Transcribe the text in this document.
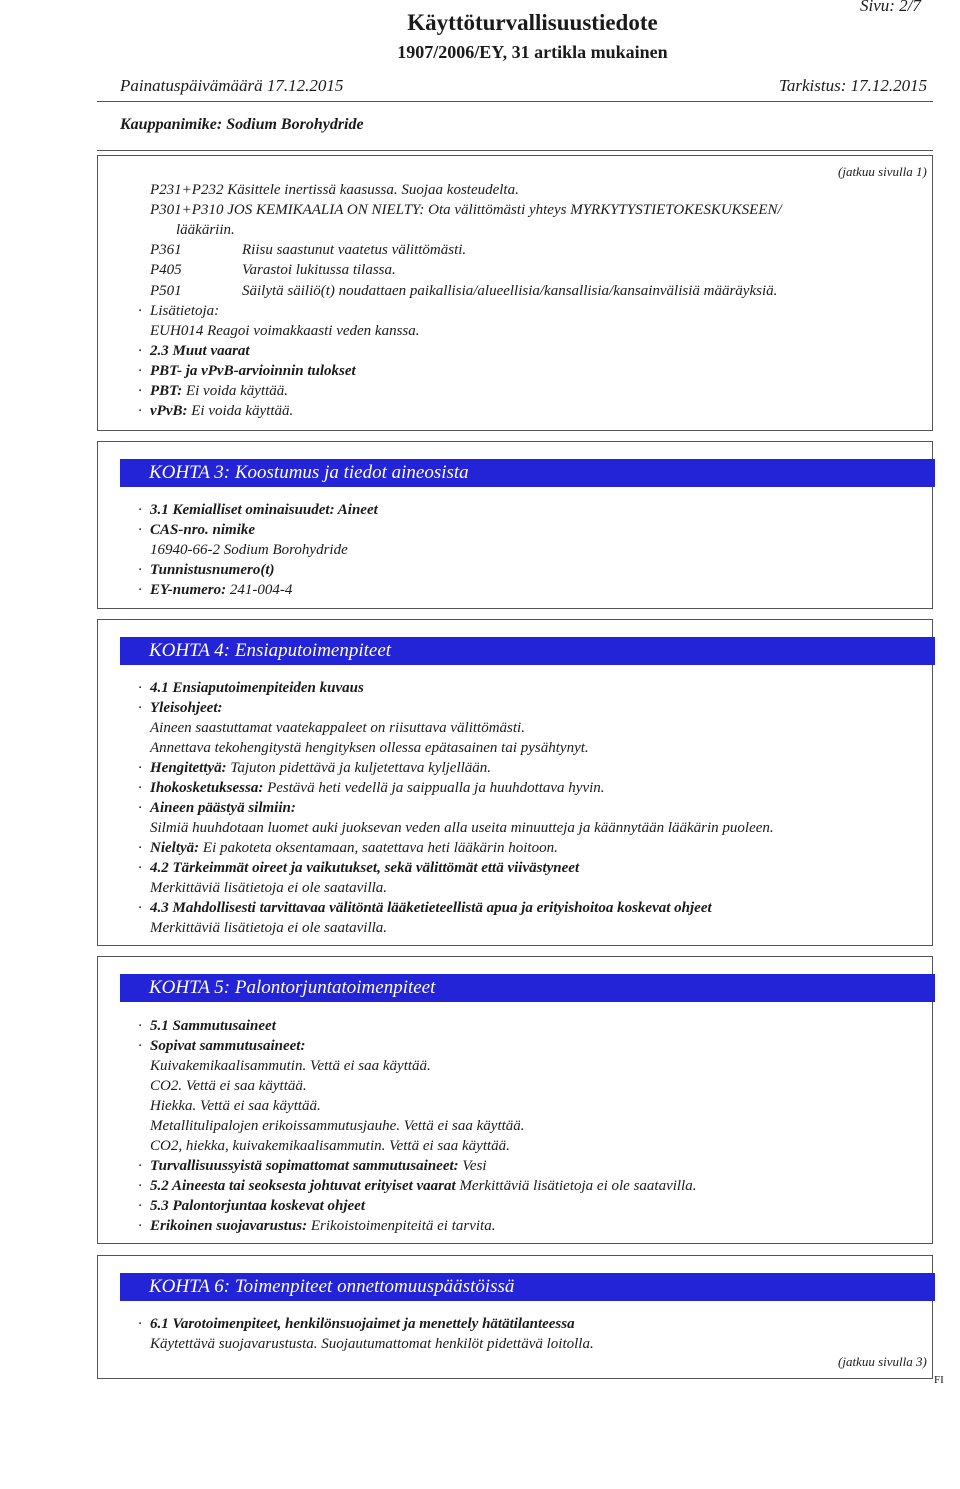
Sivu: 2/7
Käyttöturvallisuustiedote
1907/2006/EY, 31 artikla mukainen
Painatuspäivämäärä 17.12.2015	Tarkistus: 17.12.2015
Kauppanimike: Sodium Borohydride
(jatkuu sivulla 1)
P231+P232 Käsittele inertissä kaasussa. Suojaa kosteudelta.
P301+P310 JOS KEMIKAALIA ON NIELTY: Ota välittömästi yhteys MYRKYTYSTIETOKESKUKSEEN/
lääkäriin.
P361	Riisu saastunut vaatetus välittömästi.
P405	Varastoi lukitussa tilassa.
P501	Säilytä säiliö(t) noudattaen paikallisia/alueellisia/kansallisia/kansainvälisiä määräyksiä.
· Lisätietoja:
EUH014 Reagoi voimakkaasti veden kanssa.
· 2.3 Muut vaarat
· PBT- ja vPvB-arvioinnin tulokset
· PBT: Ei voida käyttää.
· vPvB: Ei voida käyttää.
KOHTA 3: Koostumus ja tiedot aineosista
· 3.1 Kemialliset ominaisuudet: Aineet
· CAS-nro. nimike
16940-66-2 Sodium Borohydride
· Tunnistusnumero(t)
· EY-numero: 241-004-4
KOHTA 4: Ensiaputoimenpiteet
· 4.1 Ensiaputoimenpiteiden kuvaus
· Yleisohjeet:
Aineen saastuttamat vaatekappaleet on riisuttava välittömästi.
Annettava tekohengitystä hengityksen ollessa epätasainen tai pysähtynyt.
· Hengitettyä: Tajuton pidettävä ja kuljetettava kyljellään.
· Ihokosketuksessa: Pestävä heti vedellä ja saippualla ja huuhdottava hyvin.
· Aineen päästyä silmiin:
Silmiä huuhdotaan luomet auki juoksevan veden alla useita minuutteja ja käännytään lääkärin puoleen.
· Nieltyä: Ei pakoteta oksentamaan, saatettava heti lääkärin hoitoon.
· 4.2 Tärkeimmät oireet ja vaikutukset, sekä välittömät että viivästyneet
Merkittäviä lisätietoja ei ole saatavilla.
· 4.3 Mahdollisesti tarvittavaa välitöntä lääketieteellistä apua ja erityishoitoa koskevat ohjeet
Merkittäviä lisätietoja ei ole saatavilla.
KOHTA 5: Palontorjuntatoimenpiteet
· 5.1 Sammutusaineet
· Sopivat sammutusaineet:
Kuivakemikaalisammutin. Vettä ei saa käyttää.
CO2. Vettä ei saa käyttää.
Hiekka. Vettä ei saa käyttää.
Metallitulipalojen erikoissammutusjauhe. Vettä ei saa käyttää.
CO2, hiekka, kuivakemikaalisammutin. Vettä ei saa käyttää.
· Turvallisuussyistä sopimattomat sammutusaineet: Vesi
· 5.2 Aineesta tai seoksesta johtuvat erityiset vaarat Merkittäviä lisätietoja ei ole saatavilla.
· 5.3 Palontorjuntaa koskevat ohjeet
· Erikoinen suojavarustus: Erikoistoimenpiteitä ei tarvita.
KOHTA 6: Toimenpiteet onnettomuuspäästöissä
· 6.1 Varotoimenpiteet, henkilönsuojaimet ja menettely hätätilanteessa
Käytettävä suojavarustusta. Suojautumattomat henkilöt pidettävä loitolla.
(jatkuu sivulla 3)
FI
